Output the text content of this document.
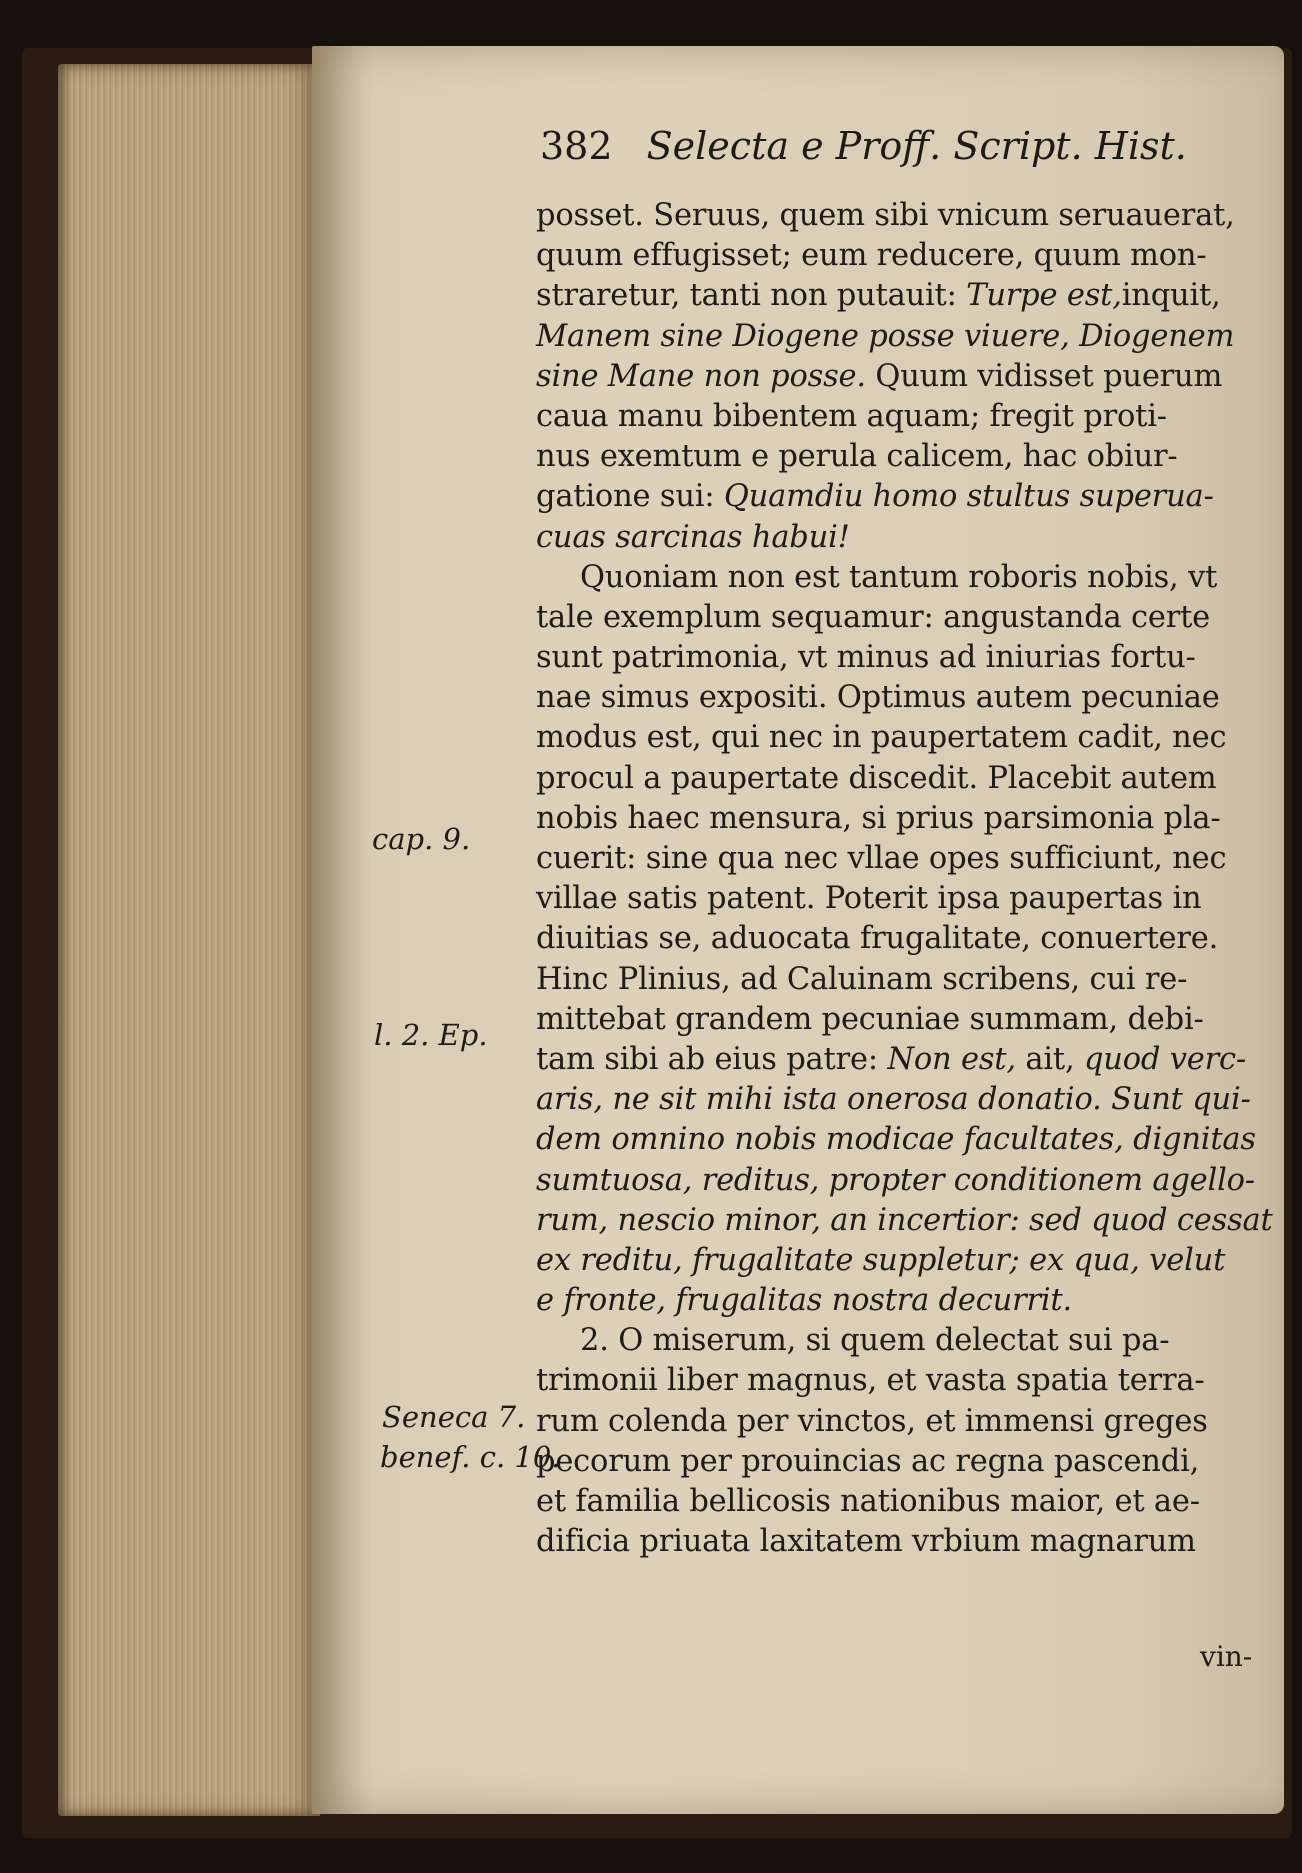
382 Selecta e Proff. Script. Hist.
posset. Seruus, quem sibi vnicum seruauerat,
quum effugisset; eum reducere, quum mon-
straretur, tanti non putauit: Turpe est,inquit,
Manem sine Diogene posse viuere, Diogenem
sine Mane non posse. Quum vidisset puerum
caua manu bibentem aquam; fregit proti-
nus exemtum e perula calicem, hac obiur-
gatione sui: Quamdiu homo stultus superua-
cuas sarcinas habui!
Quoniam non est tantum roboris nobis, vt
tale exemplum sequamur: angustanda certe
sunt patrimonia, vt minus ad iniurias fortu-
nae simus expositi. Optimus autem pecuniae
modus est, qui nec in paupertatem cadit, nec
procul a paupertate discedit. Placebit autem
nobis haec mensura, si prius parsimonia pla-
cuerit: sine qua nec vllae opes sufficiunt, nec
villae satis patent. Poterit ipsa paupertas in
diuitias se, aduocata frugalitate, conuertere.
Hinc Plinius, ad Caluinam scribens, cui re-
mittebat grandem pecuniae summam, debi-
tam sibi ab eius patre: Non est, ait, quod verc-
aris, ne sit mihi ista onerosa donatio. Sunt qui-
dem omnino nobis modicae facultates, dignitas
sumtuosa, reditus, propter conditionem agello-
rum, nescio minor, an incertior: sed quod cessat
ex reditu, frugalitate suppletur; ex qua, velut
e fronte, frugalitas nostra decurrit.
2. O miserum, si quem delectat sui pa-
trimonii liber magnus, et vasta spatia terra-
rum colenda per vinctos, et immensi greges
pecorum per prouincias ac regna pascendi,
et familia bellicosis nationibus maior, et ae-
dificia priuata laxitatem vrbium magnarum
cap. 9.
l. 2. Ep.
Seneca 7.
benef. c. 10.
vin-
